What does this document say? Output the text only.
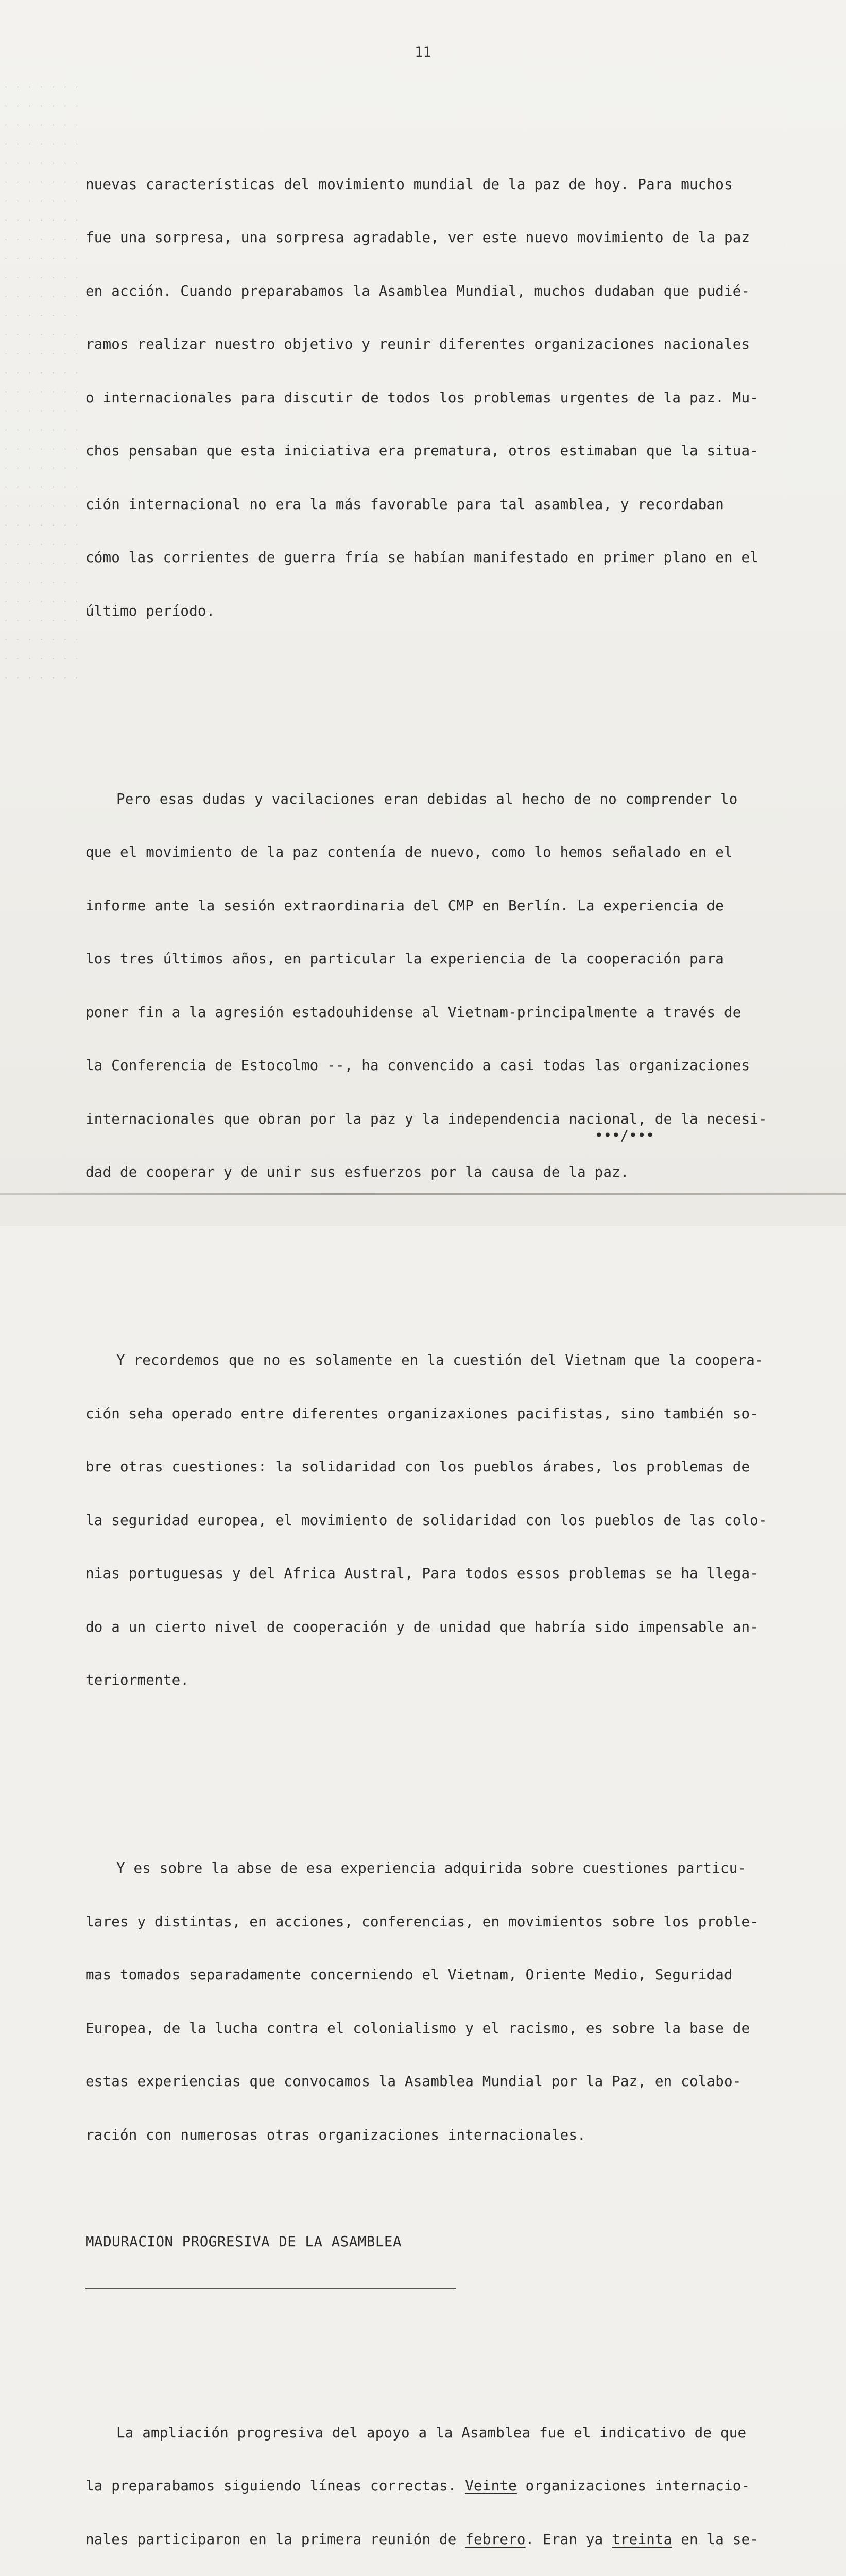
11

nuevas características del movimiento mundial de la paz de hoy. Para muchos

fue una sorpresa, una sorpresa agradable, ver este nuevo movimiento de la paz

en acción. Cuando preparabamos la Asamblea Mundial, muchos dudaban que pudié-

ramos realizar nuestro objetivo y reunir diferentes organizaciones nacionales

o internacionales para discutir de todos los problemas urgentes de la paz. Mu-

chos pensaban que esta iniciativa era prematura, otros estimaban que la situa-

ción internacional no era la más favorable para tal asamblea, y recordaban

cómo las corrientes de guerra fría se habían manifestado en primer plano en el

último período.

Pero esas dudas y vacilaciones eran debidas al hecho de no comprender lo

que el movimiento de la paz contenía de nuevo, como lo hemos señalado en el

informe ante la sesión extraordinaria del CMP en Berlín. La experiencia de

los tres últimos años, en particular la experiencia de la cooperación para

poner fin a la agresión estadouhidense al Vietnam-principalmente a través de

la Conferencia de Estocolmo --, ha convencido a casi todas las organizaciones

internacionales que obran por la paz y la independencia nacional, de la necesi-

dad de cooperar y de unir sus esfuerzos por la causa de la paz.

Y recordemos que no es solamente en la cuestión del Vietnam que la coopera-

ción seha operado entre diferentes organizaxiones pacifistas, sino también so-

bre otras cuestiones: la solidaridad con los pueblos árabes, los problemas de

la seguridad europea, el movimiento de solidaridad con los pueblos de las colo-

nias portuguesas y del Africa Austral, Para todos essos problemas se ha llega-

do a un cierto nivel de cooperación y de unidad que habría sido impensable an-

teriormente.

Y es sobre la abse de esa experiencia adquirida sobre cuestiones particu-

lares y distintas, en acciones, conferencias, en movimientos sobre los proble-

mas tomados separadamente concerniendo el Vietnam, Oriente Medio, Seguridad

Europea, de la lucha contra el colonialismo y el racismo, es sobre la base de

estas experiencias que convocamos la Asamblea Mundial por la Paz, en colabo-

ración con numerosas otras organizaciones internacionales.

MADURACION PROGRESIVA DE LA ASAMBLEA

La ampliación progresiva del apoyo a la Asamblea fue el indicativo de que

la preparabamos siguiendo líneas correctas. Veinte organizaciones internacio-

nales participaron en la primera reunión de febrero. Eran ya treinta en la se-

•••/•••
